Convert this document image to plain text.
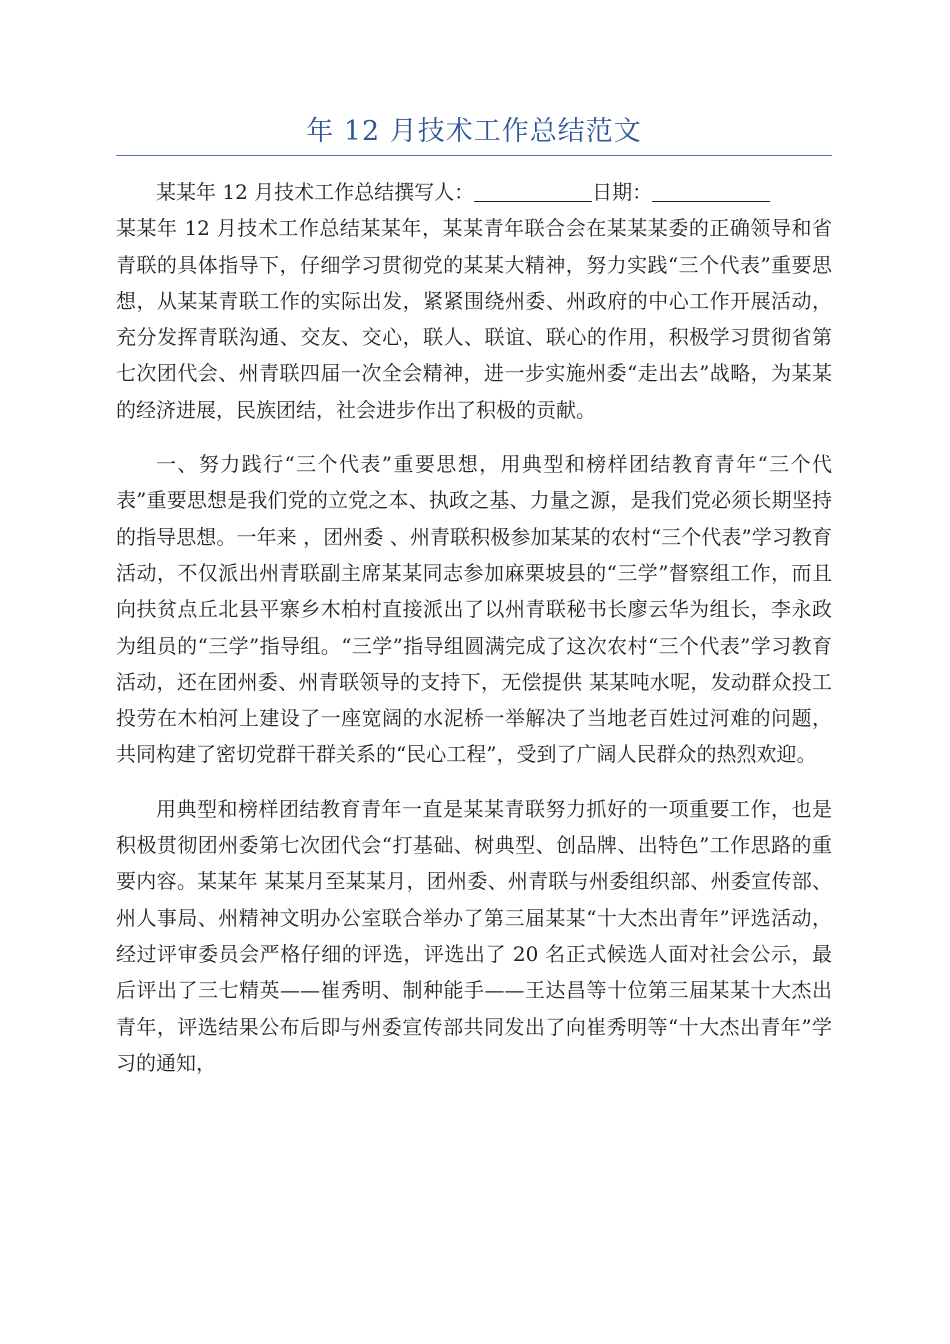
年 12 月技术工作总结范文

某某年 12 月技术工作总结撰写人：	日期：
某某年 12 月技术工作总结某某年，某某青年联合会在某某某委的正确领导和省青联的具体指导下，仔细学习贯彻党的某某大精神，努力实践“三个代表”重要思想，从某某青联工作的实际出发，紧紧围绕州委、州政府的中心工作开展活动，充分发挥青联沟通、交友、交心，联人、联谊、联心的作用，积极学习贯彻省第七次团代会、州青联四届一次全会精神，进一步实施州委“走出去”战略，为某某的经济进展，民族团结，社会进步作出了积极的贡献。

一、努力践行“三个代表”重要思想，用典型和榜样团结教育青年“三个代表”重要思想是我们党的立党之本、执政之基、力量之源，是我们党必须长期坚持的指导思想。一年来 ，团州委 、州青联积极参加某某的农村“三个代表”学习教育活动，不仅派出州青联副主席某某同志参加麻栗坡县的“三学”督察组工作，而且向扶贫点丘北县平寨乡木柏村直接派出了以州青联秘书长廖云华为组长，李永政为组员的“三学”指导组。“三学”指导组圆满完成了这次农村“三个代表”学习教育活动，还在团州委、州青联领导的支持下，无偿提供 某某吨水呢，发动群众投工投劳在木柏河上建设了一座宽阔的水泥桥一举解决了当地老百姓过河难的问题，共同构建了密切党群干群关系的“民心工程”，受到了广阔人民群众的热烈欢迎。

用典型和榜样团结教育青年一直是某某青联努力抓好的一项重要工作，也是积极贯彻团州委第七次团代会“打基础、树典型、创品牌、出特色”工作思路的重要内容。某某年 某某月至某某月，团州委、州青联与州委组织部、州委宣传部、州人事局、州精神文明办公室联合举办了第三届某某“十大杰出青年”评选活动，经过评审委员会严格仔细的评选，评选出了 20 名正式候选人面对社会公示，最后评出了三七精英——崔秀明、制种能手——王达昌等十位第三届某某十大杰出青年，评选结果公布后即与州委宣传部共同发出了向崔秀明等“十大杰出青年”学习的通知，
